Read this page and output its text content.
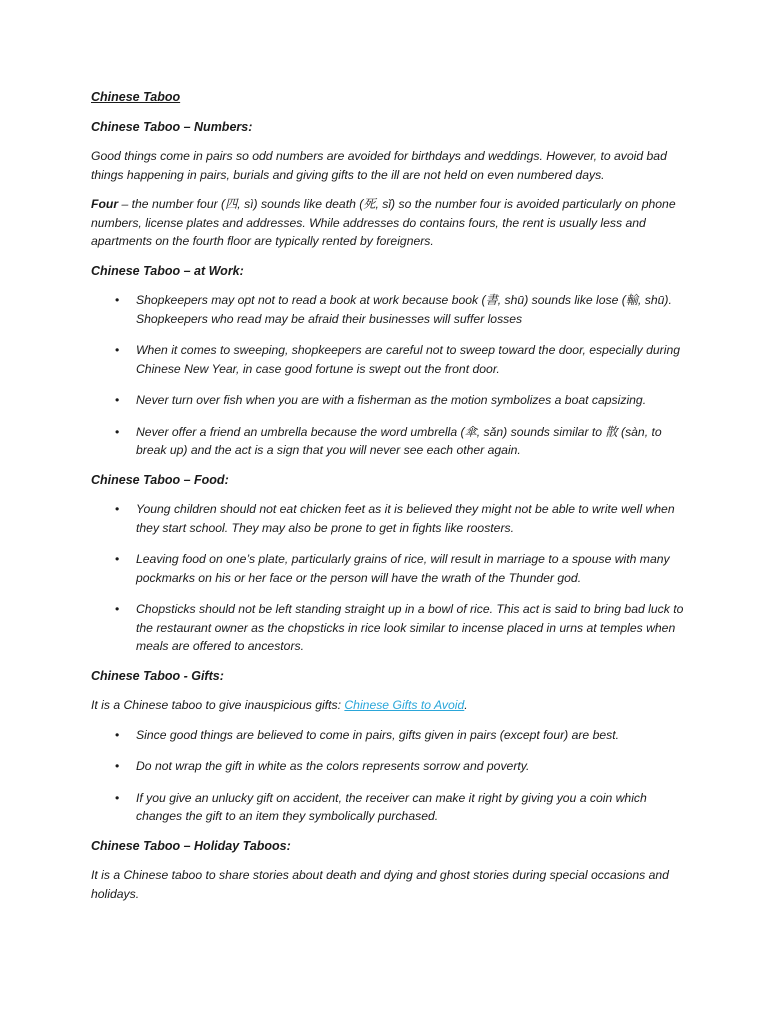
Chinese Taboo
Chinese Taboo – Numbers:

Good things come in pairs so odd numbers are avoided for birthdays and weddings. However, to avoid bad things happening in pairs, burials and giving gifts to the ill are not held on even numbered days.

Four – the number four (四, sì) sounds like death (死, sǐ) so the number four is avoided particularly on phone numbers, license plates and addresses. While addresses do contains fours, the rent is usually less and apartments on the fourth floor are typically rented by foreigners.

Chinese Taboo – at Work:
• Shopkeepers may opt not to read a book at work because book (書, shū) sounds like lose (輸, shū). Shopkeepers who read may be afraid their businesses will suffer losses
• When it comes to sweeping, shopkeepers are careful not to sweep toward the door, especially during Chinese New Year, in case good fortune is swept out the front door.
• Never turn over fish when you are with a fisherman as the motion symbolizes a boat capsizing.
• Never offer a friend an umbrella because the word umbrella (傘, sǎn) sounds similar to 散 (sàn, to break up) and the act is a sign that you will never see each other again.
Chinese Taboo – Food:
• Young children should not eat chicken feet as it is believed they might not be able to write well when they start school. They may also be prone to get in fights like roosters.
• Leaving food on one’s plate, particularly grains of rice, will result in marriage to a spouse with many pockmarks on his or her face or the person will have the wrath of the Thunder god.
• Chopsticks should not be left standing straight up in a bowl of rice. This act is said to bring bad luck to the restaurant owner as the chopsticks in rice look similar to incense placed in urns at temples when meals are offered to ancestors.
Chinese Taboo - Gifts:

It is a Chinese taboo to give inauspicious gifts: Chinese Gifts to Avoid.

• Since good things are believed to come in pairs, gifts given in pairs (except four) are best.
• Do not wrap the gift in white as the colors represents sorrow and poverty.
• If you give an unlucky gift on accident, the receiver can make it right by giving you a coin which changes the gift to an item they symbolically purchased.
Chinese Taboo – Holiday Taboos:

It is a Chinese taboo to share stories about death and dying and ghost stories during special occasions and holidays.
